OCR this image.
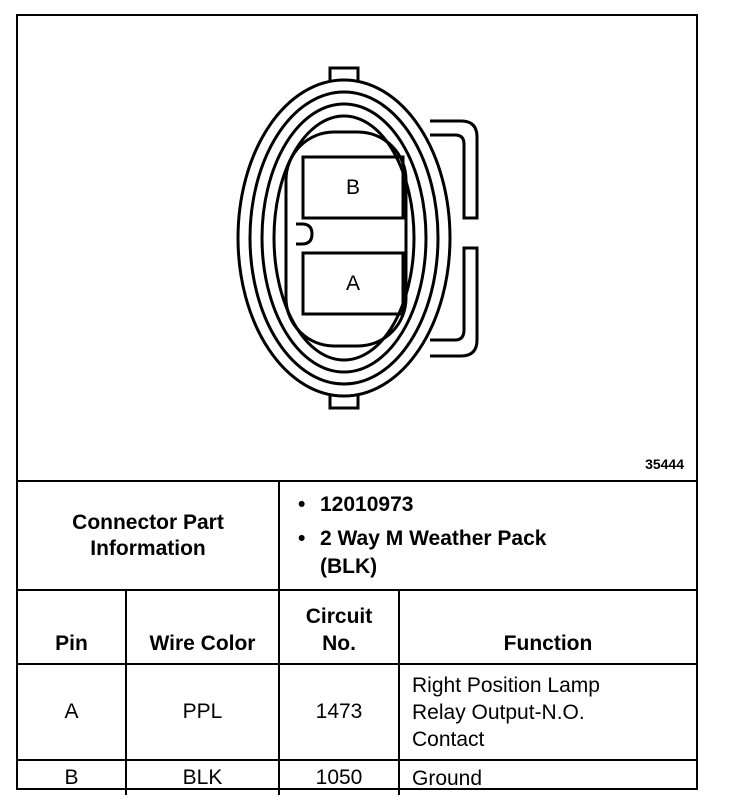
B
A
35444
Connector Part Information		• 12010973
• 2 Way M Weather Pack (BLK)	

Pin	Wire Color	Circuit No.	Function
A	PPL	1473	Right Position Lamp Relay Output-N.O. Contact

B	BLK	1050	Ground
